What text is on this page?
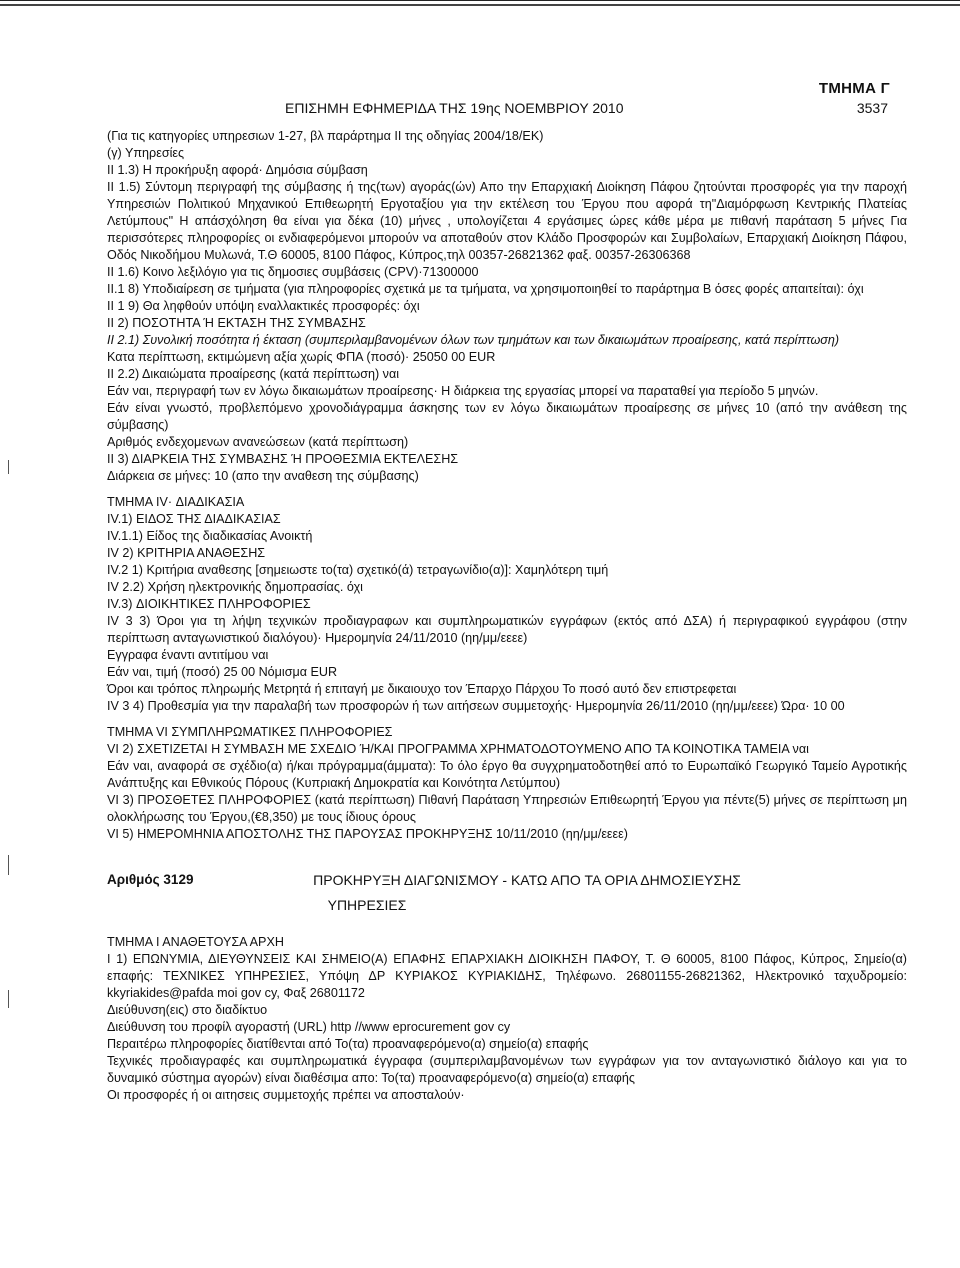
ΤΜΗΜΑ Γ
ΕΠΙΣΗΜΗ ΕΦΗΜΕΡΙΔΑ ΤΗΣ 19ης ΝΟΕΜΒΡΙΟΥ 2010	3537

(Για τις κατηγορίες υπηρεσιων 1-27, βλ παράρτημα ΙΙ της οδηγίας 2004/18/ΕΚ)

(γ) Υπηρεσίες

ΙΙ 1.3) Η προκήρυξη αφορά· Δημόσια σύμβαση

ΙΙ 1.5) Σύντομη περιγραφή της σύμβασης ή της(των) αγοράς(ών) Απο την Επαρχιακή Διοίκηση Πάφου ζητούνται προσφορές για την παροχή Υπηρεσιών Πολιτικού Μηχανικού Επιθεωρητή Εργοταξίου για την εκτέλεση του Έργου που αφορά τη"Διαμόρφωση Κεντρικής Πλατείας Λετύμπους" Η απάσχόληση θα είναι για δέκα (10) μήνες , υπολογίζεται 4 εργάσιμες ώρες κάθε μέρα με πιθανή παράταση 5 μήνες Για περισσότερες πληροφορίες οι ενδιαφερόμενοι μπορούν να αποταθούν στον Κλάδο Προσφορών και Συμβολαίων, Επαρχιακή Διοίκηση Πάφου, Οδός Νικοδήμου Μυλωνά, Τ.Θ 60005, 8100 Πάφος, Κύπρος,τηλ 00357-26821362 φαξ. 00357-26306368

ΙΙ 1.6) Κοινο λεξιλόγιο για τις δημοσιες συμβάσεις (CPV)·71300000

ΙΙ.1 8) Υποδιαίρεση σε τμήματα (για πληροφορίες σχετικά με τα τμήματα, να χρησιμοποιηθεί το παράρτημα Β όσες φορές απαιτείται): όχι

ΙΙ 1 9) Θα ληφθούν υπόψη εναλλακτικές προσφορές: όχι

ΙΙ 2) ΠΟΣΟΤΗΤΑ Ή ΕΚΤΑΣΗ ΤΗΣ ΣΥΜΒΑΣΗΣ

ΙΙ 2.1) Συνολική ποσότητα ή έκταση (συμπεριλαμβανομένων όλων των τμημάτων και των δικαιωμάτων προαίρεσης, κατά περίπτωση)

Κατα περίπτωση, εκτιμώμενη αξία χωρίς ΦΠΑ (ποσό)· 25050 00 EUR

ΙΙ 2.2) Δικαιώματα προαίρεσης (κατά περίπτωση) ναι

Εάν ναι, περιγραφή των εν λόγω δικαιωμάτων προαίρεσης· Η διάρκεια της εργασίας μπορεί να παραταθεί για περίοδο 5 μηνών.

Εάν είναι γνωστό, προβλεπόμενο χρονοδιάγραμμα άσκησης των εν λόγω δικαιωμάτων προαίρεσης σε μήνες 10 (από την ανάθεση της σύμβασης)

Αριθμός ενδεχομενων ανανεώσεων (κατά περίπτωση)

ΙΙ 3) ΔΙΑΡΚΕΙΑ ΤΗΣ ΣΥΜΒΑΣΗΣ Ή ΠΡΟΘΕΣΜΙΑ ΕΚΤΕΛΕΣΗΣ

Διάρκεια σε μήνες: 10 (απο την αναθεση της σύμβασης)

ΤΜΗΜΑ ΙV· ΔΙΑΔΙΚΑΣΙΑ

ΙV.1) ΕΙΔΟΣ ΤΗΣ ΔΙΑΔΙΚΑΣΙΑΣ

ΙV.1.1) Είδος της διαδικασίας Ανοικτή

ΙV 2) ΚΡΙΤΗΡΙΑ ΑΝΑΘΕΣΗΣ

ΙV.2 1) Κριτήρια αναθεσης [σημειωστε το(τα) σχετικό(ά) τετραγωνίδιο(α)]: Χαμηλότερη τιμή

ΙV 2.2) Χρήση ηλεκτρονικής δημοπρασίας. όχι

ΙV.3) ΔΙΟΙΚΗΤΙΚΕΣ ΠΛΗΡΟΦΟΡΙΕΣ

ΙV 3 3) Όροι για τη λήψη τεχνικών προδιαγραφων και συμπληρωματικών εγγράφων (εκτός από ΔΣΑ) ή περιγραφικού εγγράφου (στην περίπτωση ανταγωνιστικού διαλόγου)· Ημερομηνία 24/11/2010 (ηη/μμ/εεεε)

Εγγραφα έναντι αντιτίμου ναι

Εάν ναι, τιμή (ποσό) 25 00 Νόμισμα EUR

Όροι και τρόπος πληρωμής Μετρητά ή επιταγή με δικαιουχο τον Έπαρχο Πάρχου Το ποσό αυτό δεν επιστρεφεται

ΙV 3 4) Προθεσμία για την παραλαβή των προσφορών ή των αιτήσεων συμμετοχής· Ημερομηνία 26/11/2010 (ηη/μμ/εεεε) Ώρα· 10 00

ΤΜΗΜΑ VΙ ΣΥΜΠΛΗΡΩΜΑΤΙΚΕΣ ΠΛΗΡΟΦΟΡΙΕΣ

VΙ 2) ΣΧΕΤΙΖΕΤΑΙ Η ΣΥΜΒΑΣΗ ΜΕ ΣΧΕΔΙΟ Ή/ΚΑΙ ΠΡΟΓΡΑΜΜΑ ΧΡΗΜΑΤΟΔΟΤΟΥΜΕΝΟ ΑΠΟ ΤΑ ΚΟΙΝΟΤΙΚΑ ΤΑΜΕΙΑ ναι

Εάν ναι, αναφορά σε σχέδιο(α) ή/και πρόγραμμα(άμματα): Το όλο έργο θα συγχρηματοδοτηθεί από το Ευρωπαϊκό Γεωργικό Ταμείο Αγροτικής Ανάπτυξης και Εθνικούς Πόρους (Κυπριακή Δημοκρατία και Κοινότητα Λετύμπου)

VΙ 3) ΠΡΟΣΘΕΤΕΣ ΠΛΗΡΟΦΟΡΙΕΣ (κατά περίπτωση) Πιθανή Παράταση Υπηρεσιών Επιθεωρητή Έργου για πέντε(5) μήνες σε περίπτωση μη ολοκλήρωσης του Έργου,(€8,350) με τους ίδιους όρους

VΙ 5) ΗΜΕΡΟΜΗΝΙΑ ΑΠΟΣΤΟΛΗΣ ΤΗΣ ΠΑΡΟΥΣΑΣ ΠΡΟΚΗΡΥΞΗΣ 10/11/2010 (ηη/μμ/εεεε)

Αριθμός 3129	ΠΡΟΚΗΡΥΞΗ ΔΙΑΓΩΝΙΣΜΟΥ - ΚΑΤΩ ΑΠΟ ΤΑ ΟΡΙΑ ΔΗΜΟΣΙΕΥΣΗΣ

ΥΠΗΡΕΣΙΕΣ

ΤΜΗΜΑ Ι ΑΝΑΘΕΤΟΥΣΑ ΑΡΧΗ

Ι 1) ΕΠΩΝΥΜΙΑ, ΔΙΕΥΘΥΝΣΕΙΣ ΚΑΙ ΣΗΜΕΙΟ(Α) ΕΠΑΦΗΣ ΕΠΑΡΧΙΑΚΗ ΔΙΟΙΚΗΣΗ ΠΑΦΟΥ, Τ. Θ 60005, 8100 Πάφος, Κύπρος, Σημείο(α) επαφής: ΤΕΧΝΙΚΕΣ ΥΠΗΡΕΣΙΕΣ, Υπόψη ΔΡ ΚΥΡΙΑΚΟΣ ΚΥΡΙΑΚΙΔΗΣ, Τηλέφωνο. 26801155-26821362, Ηλεκτρονικό ταχυδρομείο: kkyriakides@pafda moi gov cy, Φαξ 26801172

Διεύθυνση(εις) στο διαδίκτυο

Διεύθυνση του προφίλ αγοραστή (URL) http //www eprocurement gov cy

Περαιτέρω πληροφορίες διατίθενται από Το(τα) προαναφερόμενο(α) σημείο(α) επαφής

Τεχνικές προδιαγραφές και συμπληρωματικά έγγραφα (συμπεριλαμβανομένων των εγγράφων για τον ανταγωνιστικό διάλογο και για το δυναμικό σύστημα αγορών) είναι διαθέσιμα απο: Το(τα) προαναφερόμενο(α) σημείο(α) επαφής

Οι προσφορές ή οι αιτησεις συμμετοχής πρέπει να αποσταλούν·
